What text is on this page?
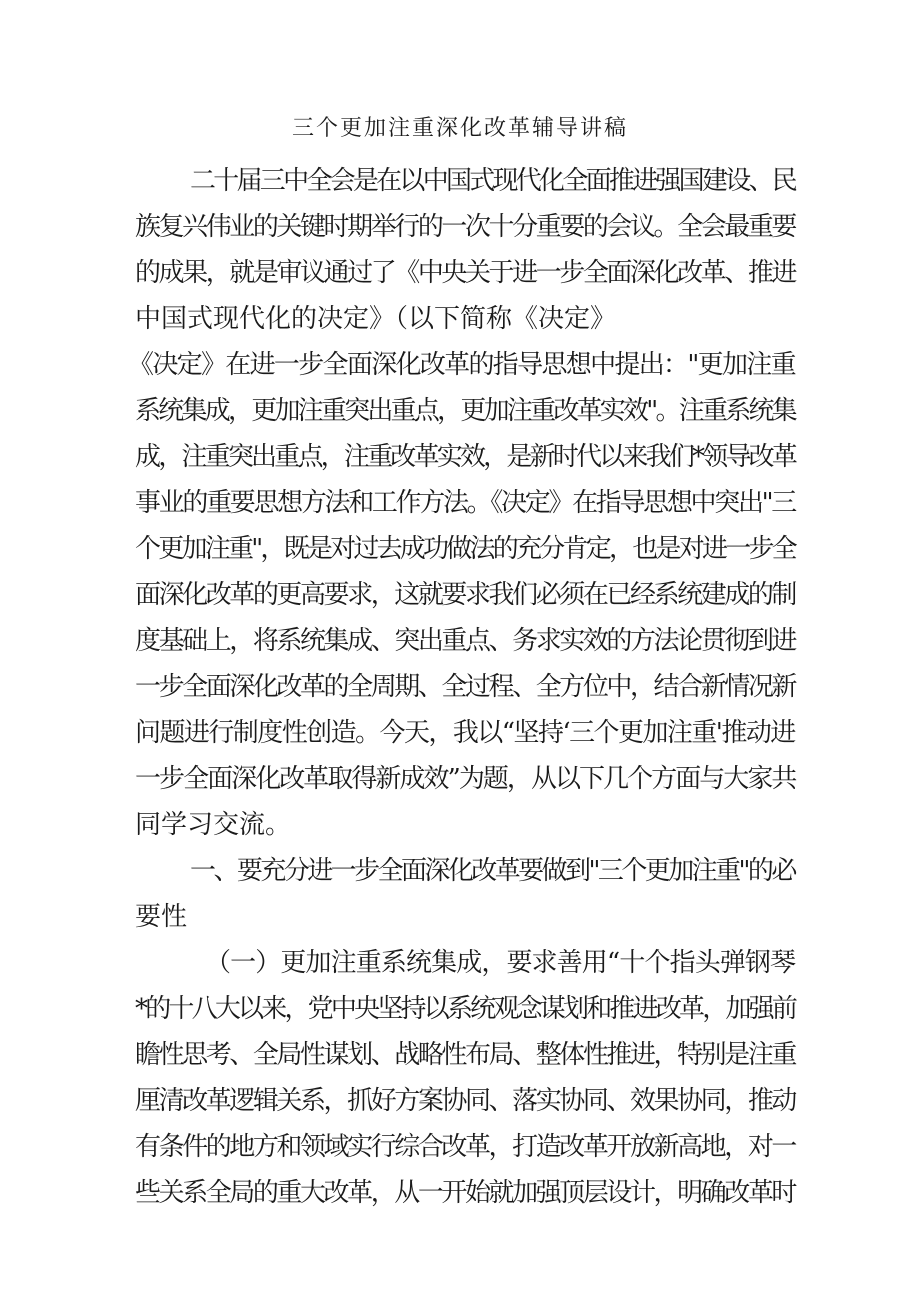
三个更加注重深化改革辅导讲稿
二十届三中全会是在以中国式现代化全面推进强国建设、民
族复兴伟业的关键时期举行的一次十分重要的会议。全会最重要
的成果，就是审议通过了《中央关于进一步全面深化改革、推进
中国式现代化的决定》（以下简称《决定》
《决定》在进一步全面深化改革的指导思想中提出："更加注重
系统集成，更加注重突出重点，更加注重改革实效"。注重系统集
成，注重突出重点，注重改革实效，是新时代以来我们*领导改革
事业的重要思想方法和工作方法。《决定》在指导思想中突出"三
个更加注重"，既是对过去成功做法的充分肯定，也是对进一步全
面深化改革的更高要求，这就要求我们必须在已经系统建成的制
度基础上，将系统集成、突出重点、务求实效的方法论贯彻到进
一步全面深化改革的全周期、全过程、全方位中，结合新情况新
问题进行制度性创造。今天，我以“坚持‘三个更加注重'推动进
一步全面深化改革取得新成效”为题，从以下几个方面与大家共
同学习交流。
一、要充分进一步全面深化改革要做到"三个更加注重"的必
要性
（一）更加注重系统集成，要求善用“十个指头弹钢琴
*的十八大以来，党中央坚持以系统观念谋划和推进改革，加强前
瞻性思考、全局性谋划、战略性布局、整体性推进，特别是注重
厘清改革逻辑关系，抓好方案协同、落实协同、效果协同，推动
有条件的地方和领域实行综合改革，打造改革开放新高地，对一
些关系全局的重大改革，从一开始就加强顶层设计，明确改革时
